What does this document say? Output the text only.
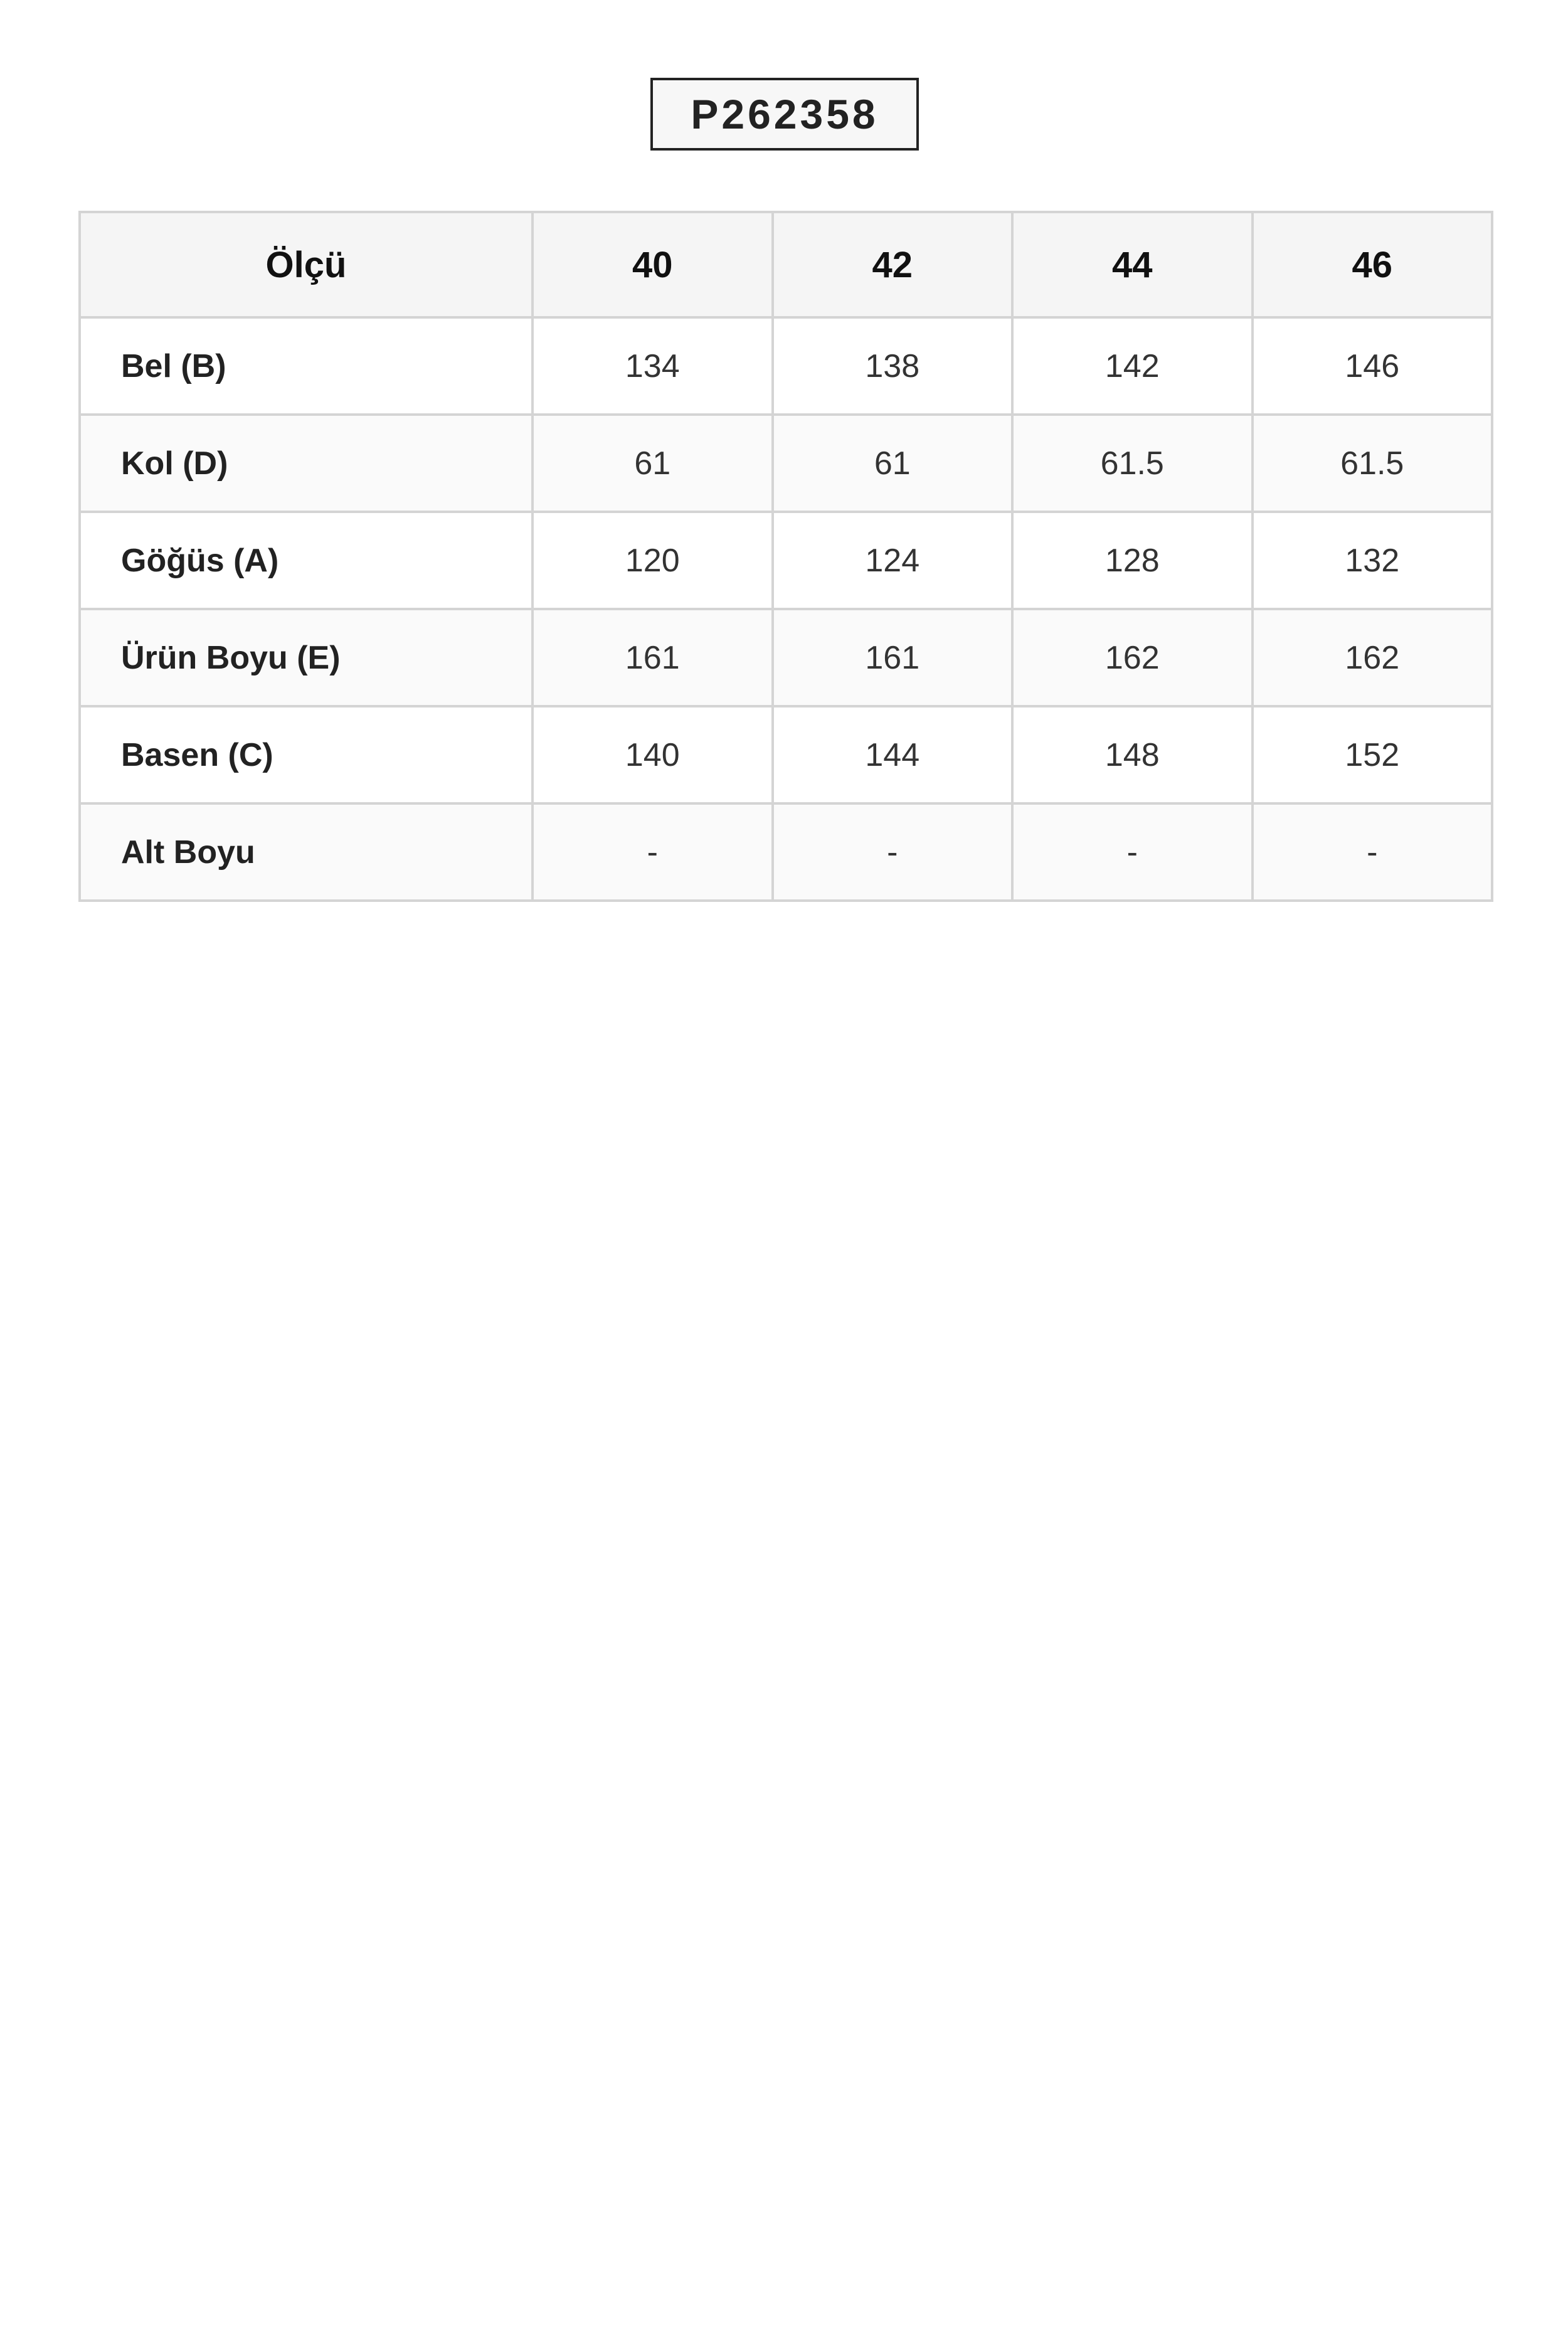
P262358
Ölçü	40	42	44	46
Bel (B)	134	138	142	146
Kol (D)	61	61	61.5	61.5
Göğüs (A)	120	124	128	132
Ürün Boyu (E)	161	161	162	162
Basen (C)	140	144	148	152
Alt Boyu	-	-	-	-
